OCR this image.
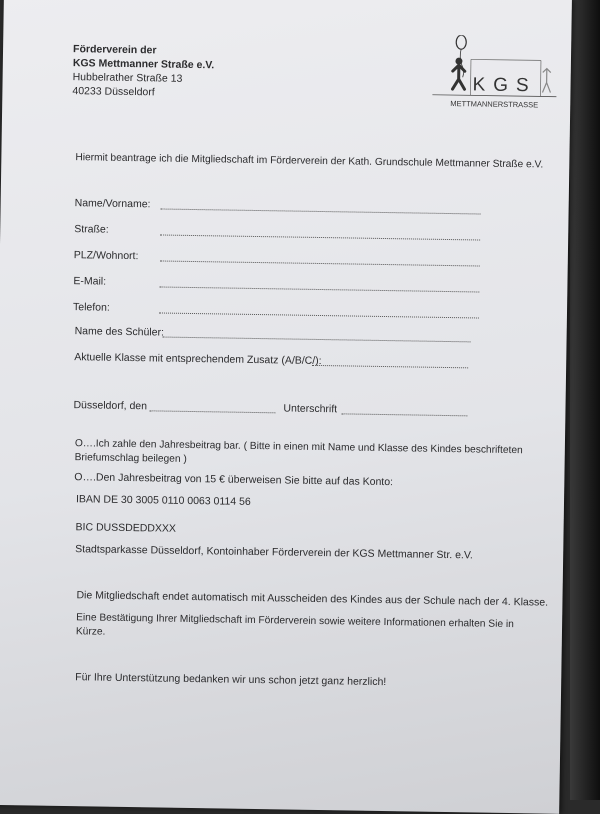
Förderverein der
KGS Mettmanner Straße e.V.
Hubbelrather Straße 13
40233 Düsseldorf	KGS
METTMANNERSTRASSE
Hiermit beantrage ich die Mitgliedschaft im Förderverein der Kath. Grundschule Mettmanner Straße e.V.
Name/Vorname:
Straße:
PLZ/Wohnort:
E-Mail:
Telefon:
Name des Schüler:
Aktuelle Klasse mit entsprechendem Zusatz (A/B/C/):
Düsseldorf, den	Unterschrift
O….Ich zahle den Jahresbeitrag bar. ( Bitte in einen mit Name und Klasse des Kindes beschrifteten Briefumschlag beilegen )
O….Den Jahresbeitrag von 15 € überweisen Sie bitte auf das Konto:
IBAN DE 30 3005 0110 0063 0114 56
BIC DUSSDEDDXXX
Stadtsparkasse Düsseldorf, Kontoinhaber Förderverein der KGS Mettmanner Str. e.V.
Die Mitgliedschaft endet automatisch mit Ausscheiden des Kindes aus der Schule nach der 4. Klasse.
Eine Bestätigung Ihrer Mitgliedschaft im Förderverein sowie weitere Informationen erhalten Sie in Kürze.
Für Ihre Unterstützung bedanken wir uns schon jetzt ganz herzlich!
